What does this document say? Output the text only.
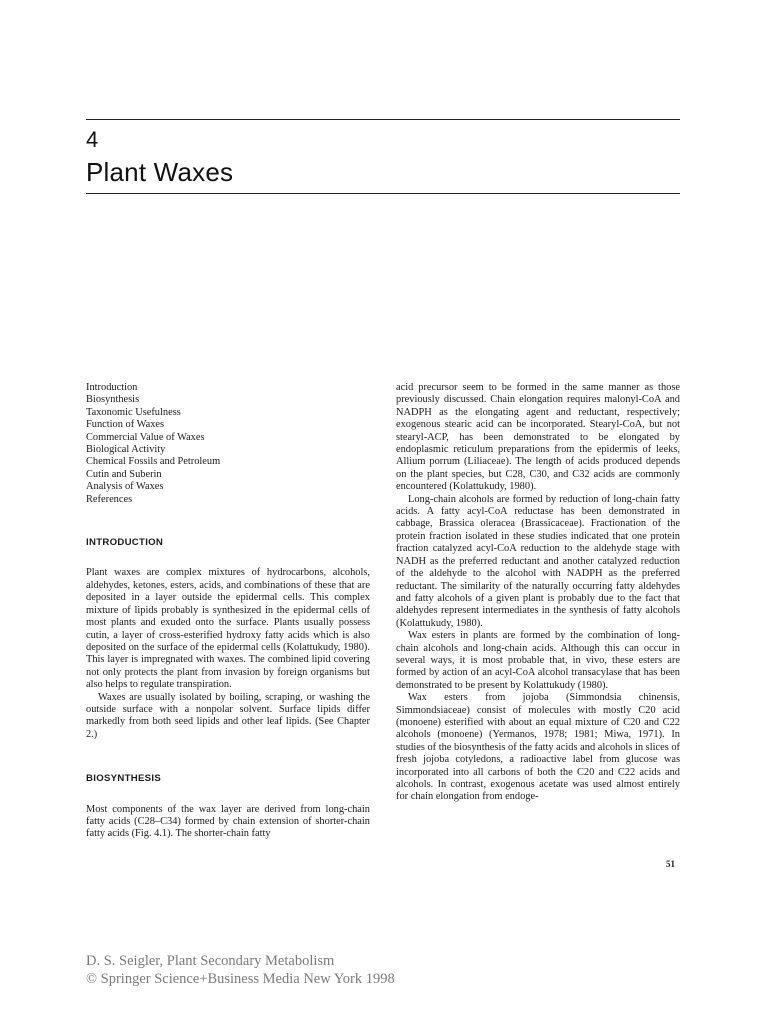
4
Plant Waxes
Introduction
Biosynthesis
Taxonomic Usefulness
Function of Waxes
Commercial Value of Waxes
Biological Activity
Chemical Fossils and Petroleum
Cutin and Suberin
Analysis of Waxes
References
INTRODUCTION

Plant waxes are complex mixtures of hydrocarbons, alcohols, aldehydes, ketones, esters, acids, and combinations of these that are deposited in a layer outside the epidermal cells. This complex mixture of lipids probably is synthesized in the epidermal cells of most plants and exuded onto the surface. Plants usually possess cutin, a layer of cross-esterified hydroxy fatty acids which is also deposited on the surface of the epidermal cells (Kolattukudy, 1980). This layer is impregnated with waxes. The combined lipid covering not only protects the plant from invasion by foreign organisms but also helps to regulate transpiration.

Waxes are usually isolated by boiling, scraping, or washing the outside surface with a nonpolar solvent. Surface lipids differ markedly from both seed lipids and other leaf lipids. (See Chapter 2.)

BIOSYNTHESIS

Most components of the wax layer are derived from long-chain fatty acids (C28–C34) formed by chain extension of shorter-chain fatty acids (Fig. 4.1). The shorter-chain fatty

acid precursor seem to be formed in the same manner as those previously discussed. Chain elongation requires malonyl-CoA and NADPH as the elongating agent and reductant, respectively; exogenous stearic acid can be incorporated. Stearyl-CoA, but not stearyl-ACP, has been demonstrated to be elongated by endoplasmic reticulum preparations from the epidermis of leeks, Allium porrum (Liliaceae). The length of acids produced depends on the plant species, but C28, C30, and C32 acids are commonly encountered (Kolattukudy, 1980).

Long-chain alcohols are formed by reduction of long-chain fatty acids. A fatty acyl-CoA reductase has been demonstrated in cabbage, Brassica oleracea (Brassicaceae). Fractionation of the protein fraction isolated in these studies indicated that one protein fraction catalyzed acyl-CoA reduction to the aldehyde stage with NADH as the preferred reductant and another catalyzed reduction of the aldehyde to the alcohol with NADPH as the preferred reductant. The similarity of the naturally occurring fatty aldehydes and fatty alcohols of a given plant is probably due to the fact that aldehydes represent intermediates in the synthesis of fatty alcohols (Kolattukudy, 1980).

Wax esters in plants are formed by the combination of long-chain alcohols and long-chain acids. Although this can occur in several ways, it is most probable that, in vivo, these esters are formed by action of an acyl-CoA alcohol transacylase that has been demonstrated to be present by Kolattukudy (1980).

Wax esters from jojoba (Simmondsia chinensis, Simmondsiaceae) consist of molecules with mostly C20 acid (monoene) esterified with about an equal mixture of C20 and C22 alcohols (monoene) (Yermanos, 1978; 1981; Miwa, 1971). In studies of the biosynthesis of the fatty acids and alcohols in slices of fresh jojoba cotyledons, a radioactive label from glucose was incorporated into all carbons of both the C20 and C22 acids and alcohols. In contrast, exogenous acetate was used almost entirely for chain elongation from endoge-

51
D. S. Seigler, Plant Secondary Metabolism
© Springer Science+Business Media New York 1998
